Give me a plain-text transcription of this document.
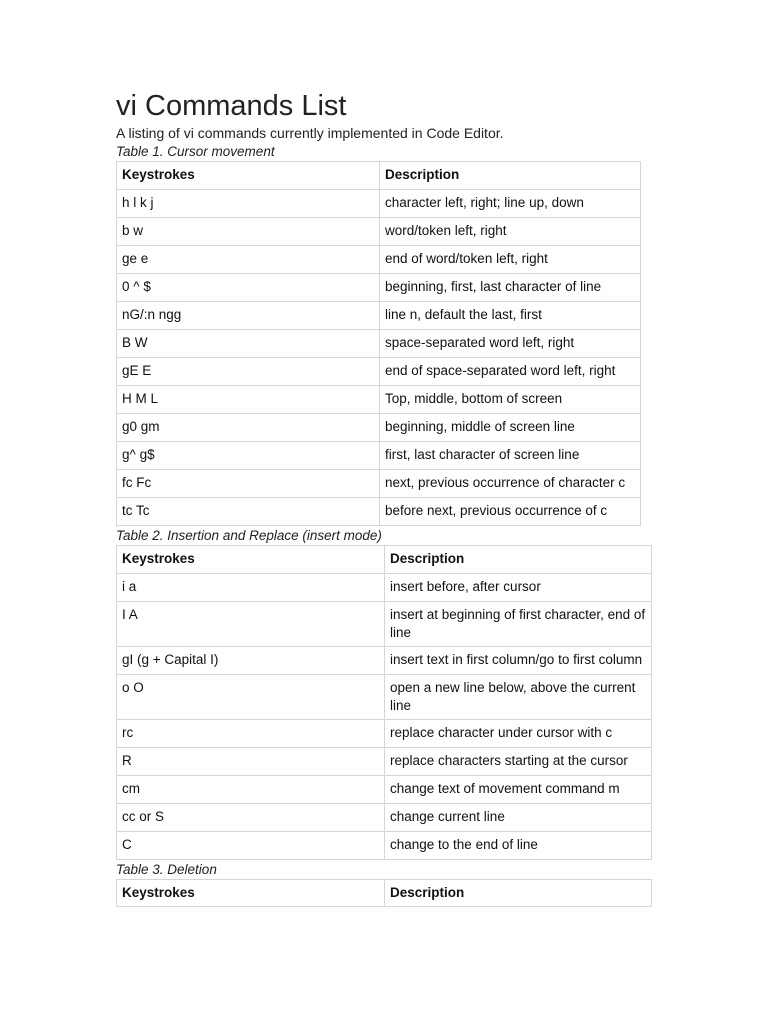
vi Commands List

A listing of vi commands currently implemented in Code Editor.

Table 1. Cursor movement

Keystrokes	Description
h l k j	character left, right; line up, down
b w	word/token left, right
ge e	end of word/token left, right
0 ^ $	beginning, first, last character of line
nG/:n ngg	line n, default the last, first
B W	space-separated word left, right
gE E	end of space-separated word left, right
H M L	Top, middle, bottom of screen
g0 gm	beginning, middle of screen line
g^ g$	first, last character of screen line
fc Fc	next, previous occurrence of character c
tc Tc	before next, previous occurrence of c

Table 2. Insertion and Replace (insert mode)

Keystrokes	Description
i a	insert before, after cursor
I A	insert at beginning of first character, end of line
gI (g + Capital I)	insert text in first column/go to first column
o O	open a new line below, above the current line
rc	replace character under cursor with c
R	replace characters starting at the cursor
cm	change text of movement command m
cc or S	change current line
C	change to the end of line

Table 3. Deletion

Keystrokes	Description
